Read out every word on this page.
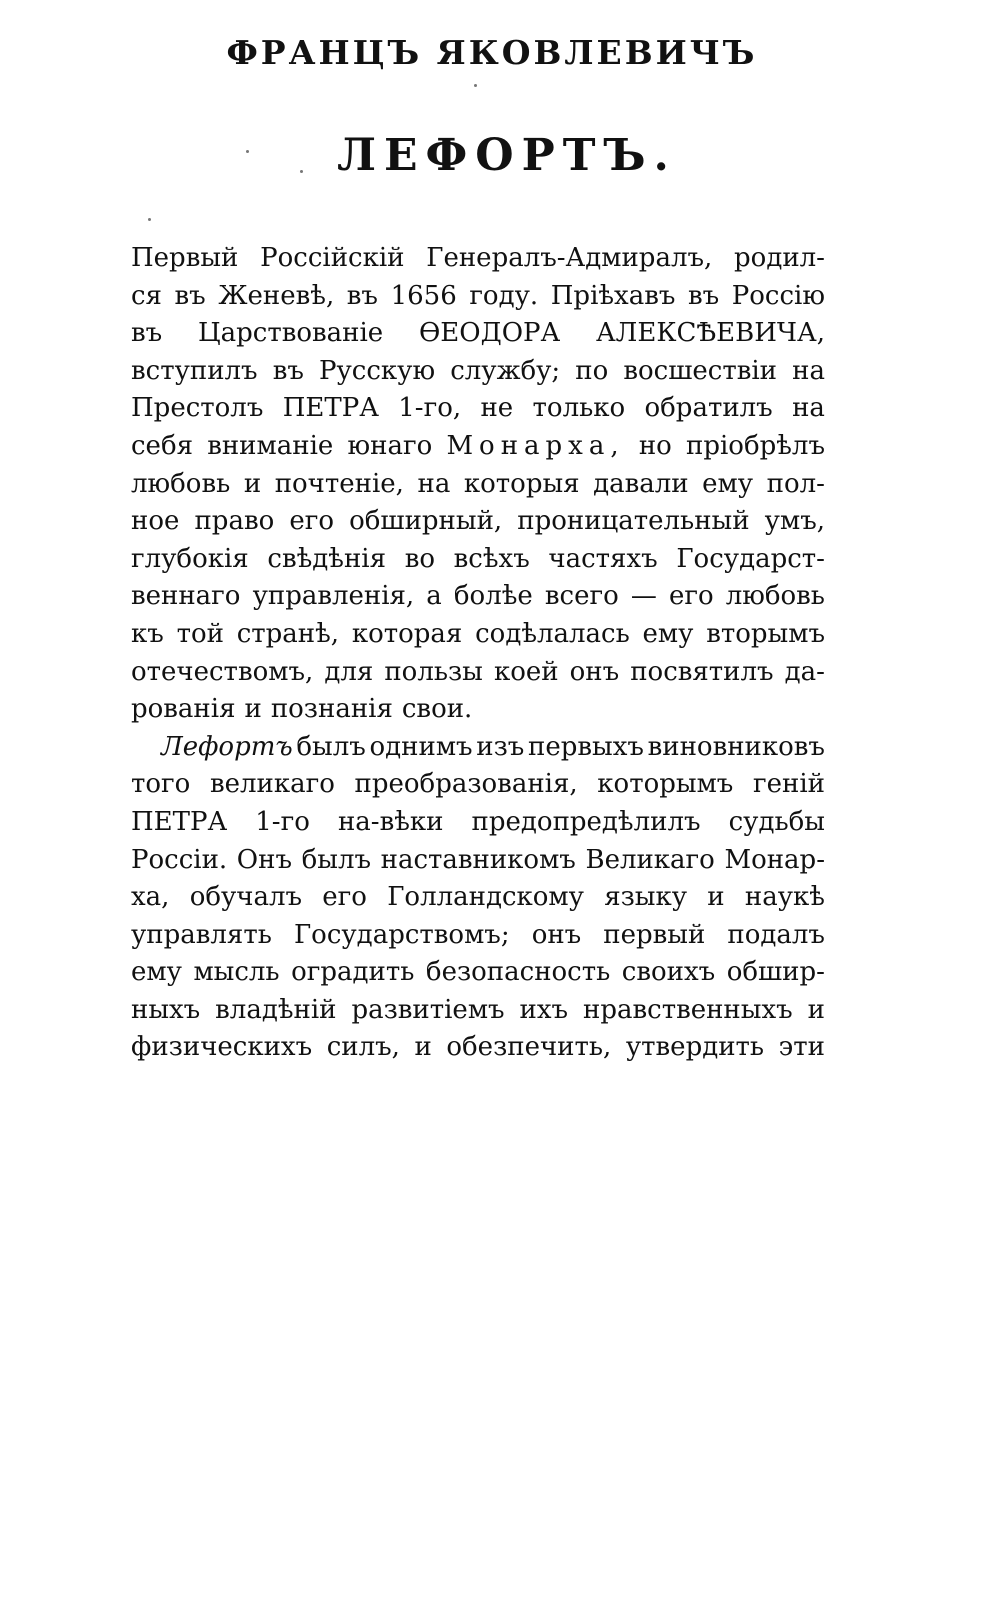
ФРАНЦЪ ЯКОВЛЕВИЧЪ
ЛЕФОРТЪ.
Первый Россiйскiй Генералъ-Адмиралъ, родил-
ся въ Женевѣ, въ 1656 году. Прiѣхавъ въ Россiю
въ Царствованiе ѲЕОДОРА АЛЕКСѢЕВИЧА,
вступилъ въ Русскую службу; по восшествiи на
Престолъ ПЕТРА 1-го, не только обратилъ на
себя вниманiе юнаго Монарха, но прiобрѣлъ
любовь и почтенiе, на которыя давали ему пол-
ное право его обширный, проницательный умъ,
глубокiя свѣдѣнiя во всѣхъ частяхъ Государст-
веннаго управленiя, а болѣе всего — его любовь
къ той странѣ, которая содѣлалась ему вторымъ
отечествомъ, для пользы коей онъ посвятилъ да-
рованiя и познанiя свои.
Лефортъ былъ однимъ изъ первыхъ виновниковъ
того великаго преобразованiя, которымъ генiй
ПЕТРА 1-го на-вѣки предопредѣлилъ судьбы
Россiи. Онъ былъ наставникомъ Великаго Монар-
ха, обучалъ его Голландскому языку и наукѣ
управлять Государствомъ; онъ первый подалъ
ему мысль оградить безопасность своихъ обшир-
ныхъ владѣнiй развитiемъ ихъ нравственныхъ и
физическихъ силъ, и обезпечить, утвердить эти
